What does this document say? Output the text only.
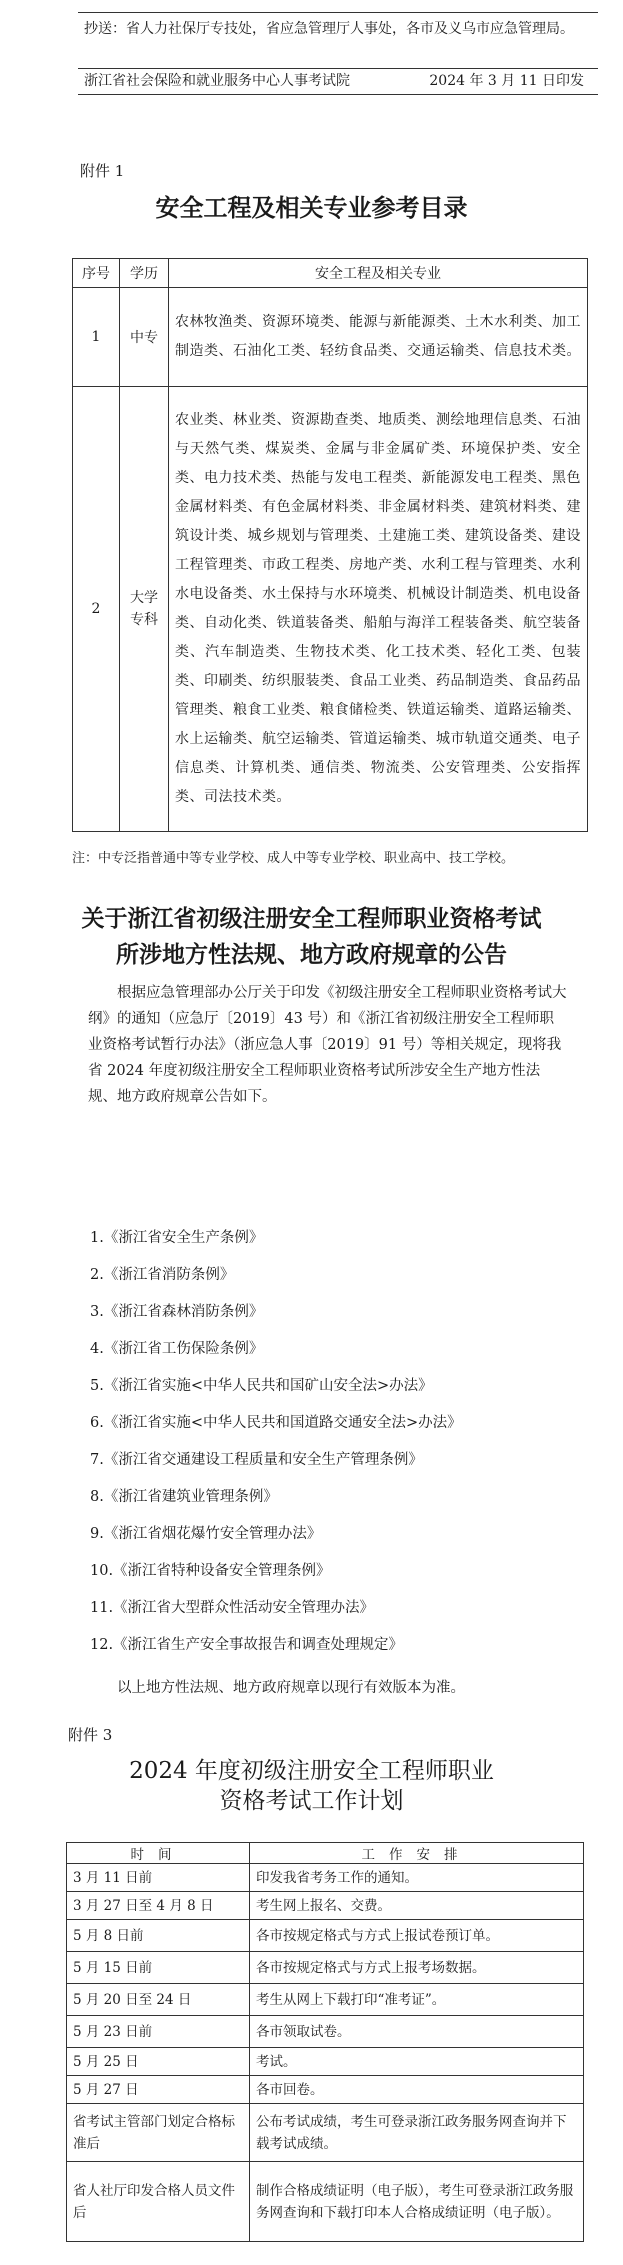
抄送：省人力社保厅专技处，省应急管理厅人事处，各市及义乌市应急管理局。
浙江省社会保险和就业服务中心人事考试院	2024 年 3 月 11 日印发
附件 1
安全工程及相关专业参考目录
序号	学历	安全工程及相关专业
1	中专	农林牧渔类、资源环境类、能源与新能源类、土木水利类、加工制造类、石油化工类、轻纺食品类、交通运输类、信息技术类。
2	大学专科	农业类、林业类、资源勘查类、地质类、测绘地理信息类、石油与天然气类、煤炭类、金属与非金属矿类、环境保护类、安全类、电力技术类、热能与发电工程类、新能源发电工程类、黑色金属材料类、有色金属材料类、非金属材料类、建筑材料类、建筑设计类、城乡规划与管理类、土建施工类、建筑设备类、建设工程管理类、市政工程类、房地产类、水利工程与管理类、水利水电设备类、水土保持与水环境类、机械设计制造类、机电设备类、自动化类、铁道装备类、船舶与海洋工程装备类、航空装备类、汽车制造类、生物技术类、化工技术类、轻化工类、包装类、印刷类、纺织服装类、食品工业类、药品制造类、食品药品管理类、粮食工业类、粮食储检类、铁道运输类、道路运输类、水上运输类、航空运输类、管道运输类、城市轨道交通类、电子信息类、计算机类、通信类、物流类、公安管理类、公安指挥类、司法技术类。
注：中专泛指普通中等专业学校、成人中等专业学校、职业高中、技工学校。
关于浙江省初级注册安全工程师职业资格考试
所涉地方性法规、地方政府规章的公告
根据应急管理部办公厅关于印发《初级注册安全工程师职业资格考试大纲》的通知（应急厅〔2019〕43 号）和《浙江省初级注册安全工程师职业资格考试暂行办法》（浙应急人事〔2019〕91 号）等相关规定，现将我省 2024 年度初级注册安全工程师职业资格考试所涉安全生产地方性法规、地方政府规章公告如下。
1.《浙江省安全生产条例》
2.《浙江省消防条例》
3.《浙江省森林消防条例》
4.《浙江省工伤保险条例》
5.《浙江省实施<中华人民共和国矿山安全法>办法》
6.《浙江省实施<中华人民共和国道路交通安全法>办法》
7.《浙江省交通建设工程质量和安全生产管理条例》
8.《浙江省建筑业管理条例》
9.《浙江省烟花爆竹安全管理办法》
10.《浙江省特种设备安全管理条例》
11.《浙江省大型群众性活动安全管理办法》
12.《浙江省生产安全事故报告和调查处理规定》
以上地方性法规、地方政府规章以现行有效版本为准。
附件 3
2024 年度初级注册安全工程师职业
资格考试工作计划
时间	工作安排
3 月 11 日前	印发我省考务工作的通知。
3 月 27 日至 4 月 8 日	考生网上报名、交费。
5 月 8 日前	各市按规定格式与方式上报试卷预订单。
5 月 15 日前	各市按规定格式与方式上报考场数据。
5 月 20 日至 24 日	考生从网上下载打印“准考证”。
5 月 23 日前	各市领取试卷。
5 月 25 日	考试。
5 月 27 日	各市回卷。
省考试主管部门划定合格标准后	公布考试成绩，考生可登录浙江政务服务网查询并下载考试成绩。
省人社厅印发合格人员文件后	制作合格成绩证明（电子版），考生可登录浙江政务服务网查询和下载打印本人合格成绩证明（电子版）。
